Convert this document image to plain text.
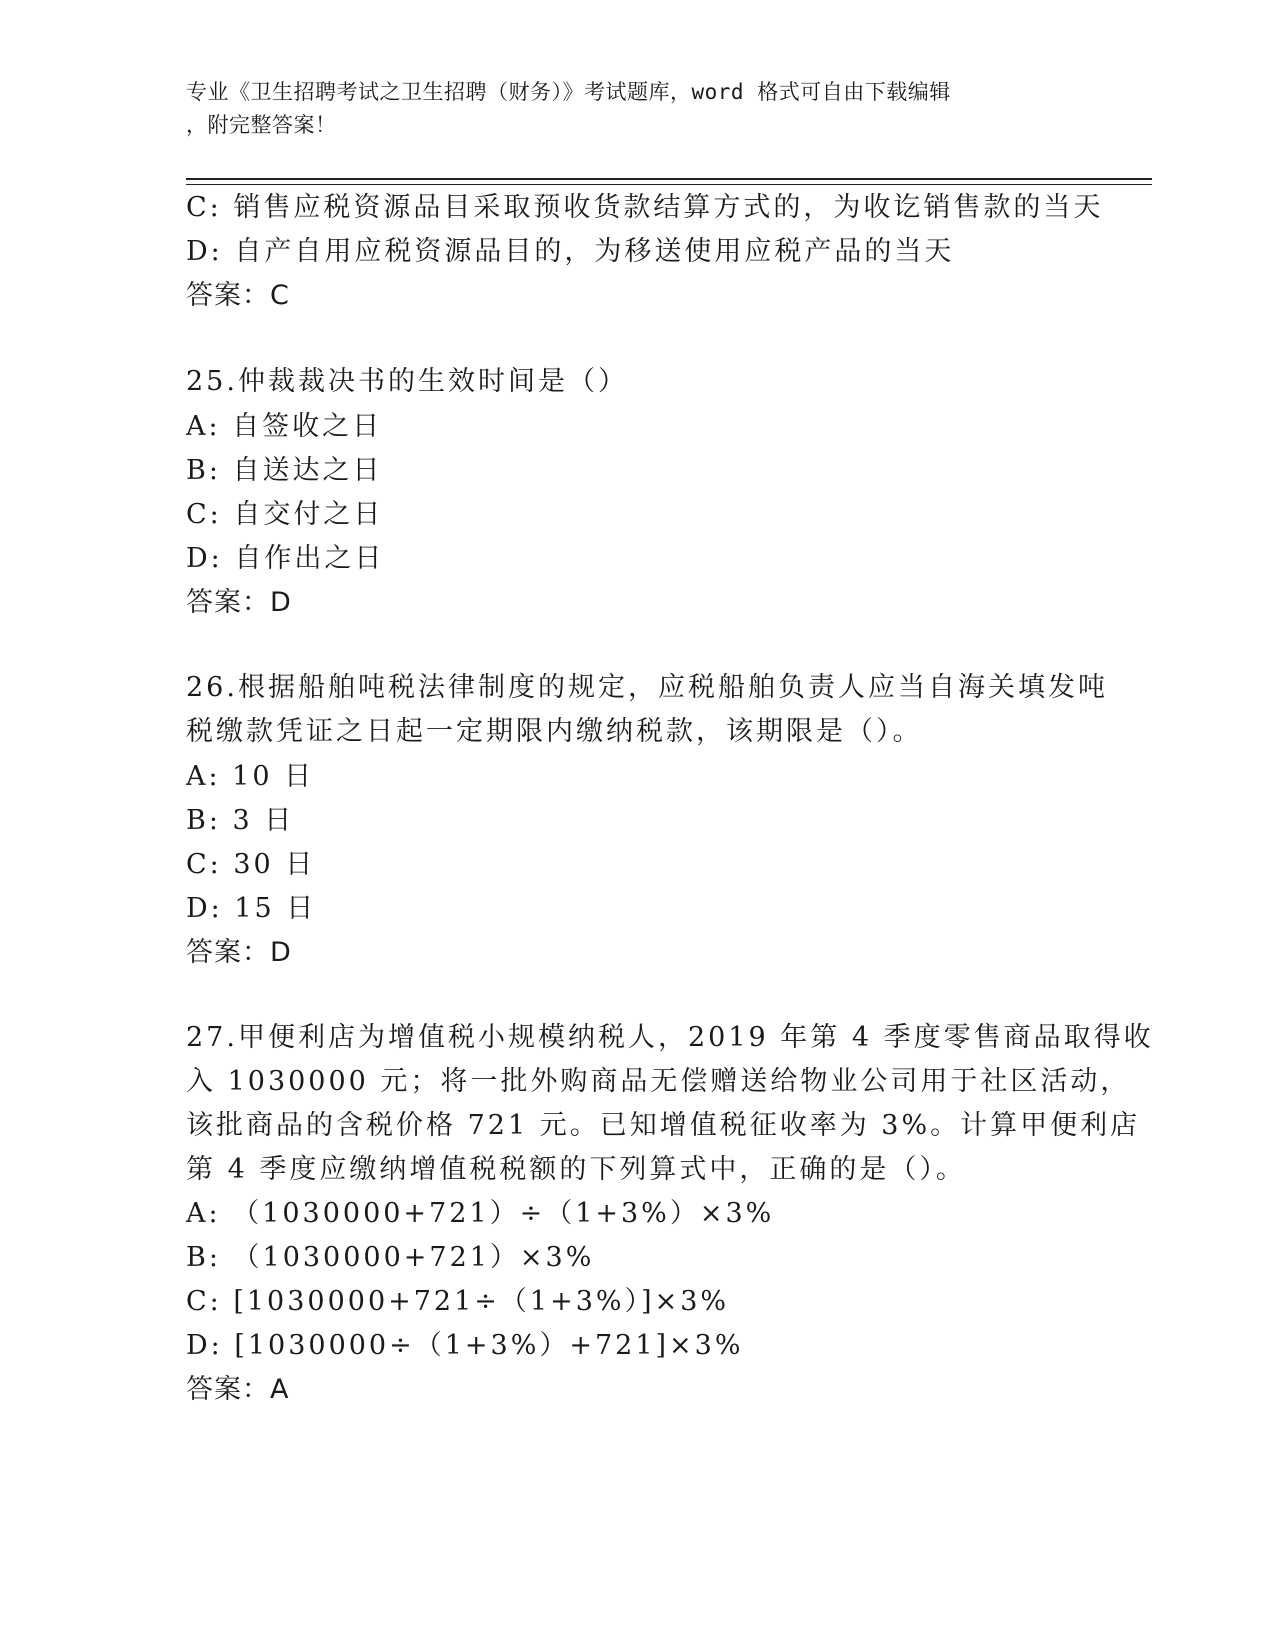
专业《卫生招聘考试之卫生招聘（财务）》考试题库，word 格式可自由下载编辑
，附完整答案！
C: 销售应税资源品目采取预收货款结算方式的，为收讫销售款的当天
D: 自产自用应税资源品目的，为移送使用应税产品的当天
答案：C
25.仲裁裁决书的生效时间是（）
A: 自签收之日
B: 自送达之日
C: 自交付之日
D: 自作出之日
答案：D
26.根据船舶吨税法律制度的规定，应税船舶负责人应当自海关填发吨
税缴款凭证之日起一定期限内缴纳税款，该期限是（）。
A: 10 日
B: 3 日
C: 30 日
D: 15 日
答案：D
27.甲便利店为增值税小规模纳税人，2019 年第 4 季度零售商品取得收
入 1030000 元；将一批外购商品无偿赠送给物业公司用于社区活动，
该批商品的含税价格 721 元。已知增值税征收率为 3%。计算甲便利店
第 4 季度应缴纳增值税税额的下列算式中，正确的是（）。
A: （1030000+721）÷（1+3%）×3%
B: （1030000+721）×3%
C: [1030000+721÷（1+3%）]×3%
D: [1030000÷（1+3%）+721]×3%
答案：A
